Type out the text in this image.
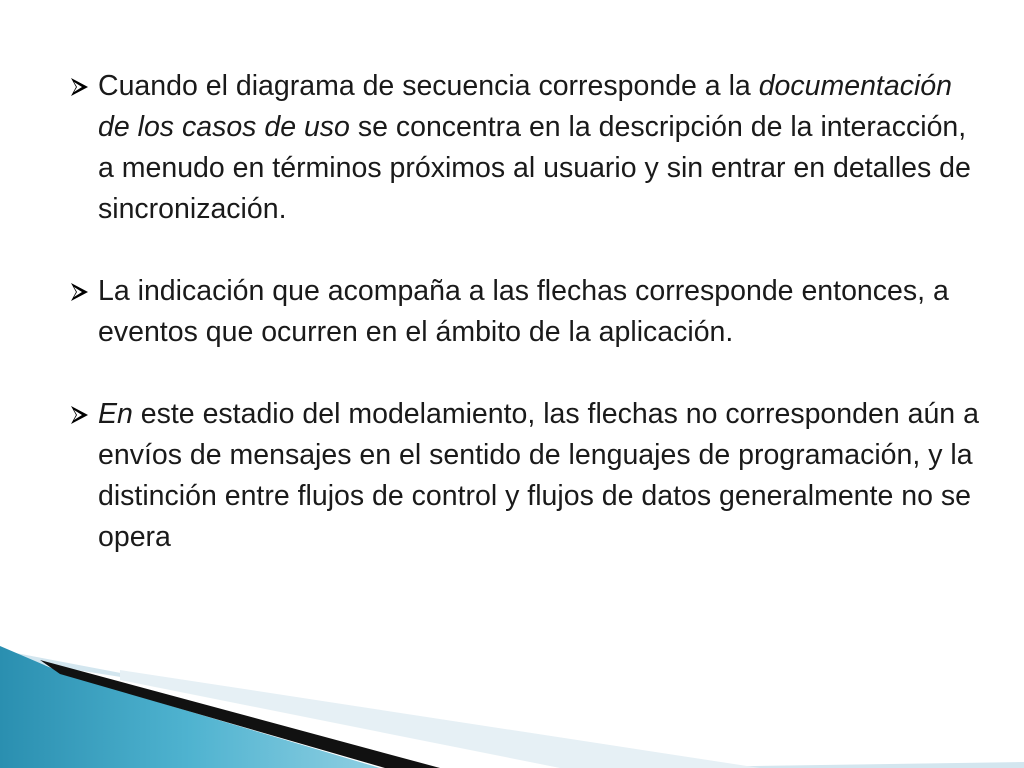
Cuando el diagrama de secuencia corresponde a la documentación de los casos de uso se concentra en la descripción de la interacción, a menudo en términos próximos al usuario y sin entrar en detalles de sincronización.
La indicación que acompaña a las flechas corresponde entonces, a eventos que ocurren en el ámbito de la aplicación.
En este estadio del modelamiento, las flechas no corresponden aún a envíos de mensajes en el sentido de lenguajes de programación, y la distinción entre flujos de control y flujos de datos generalmente no se opera
